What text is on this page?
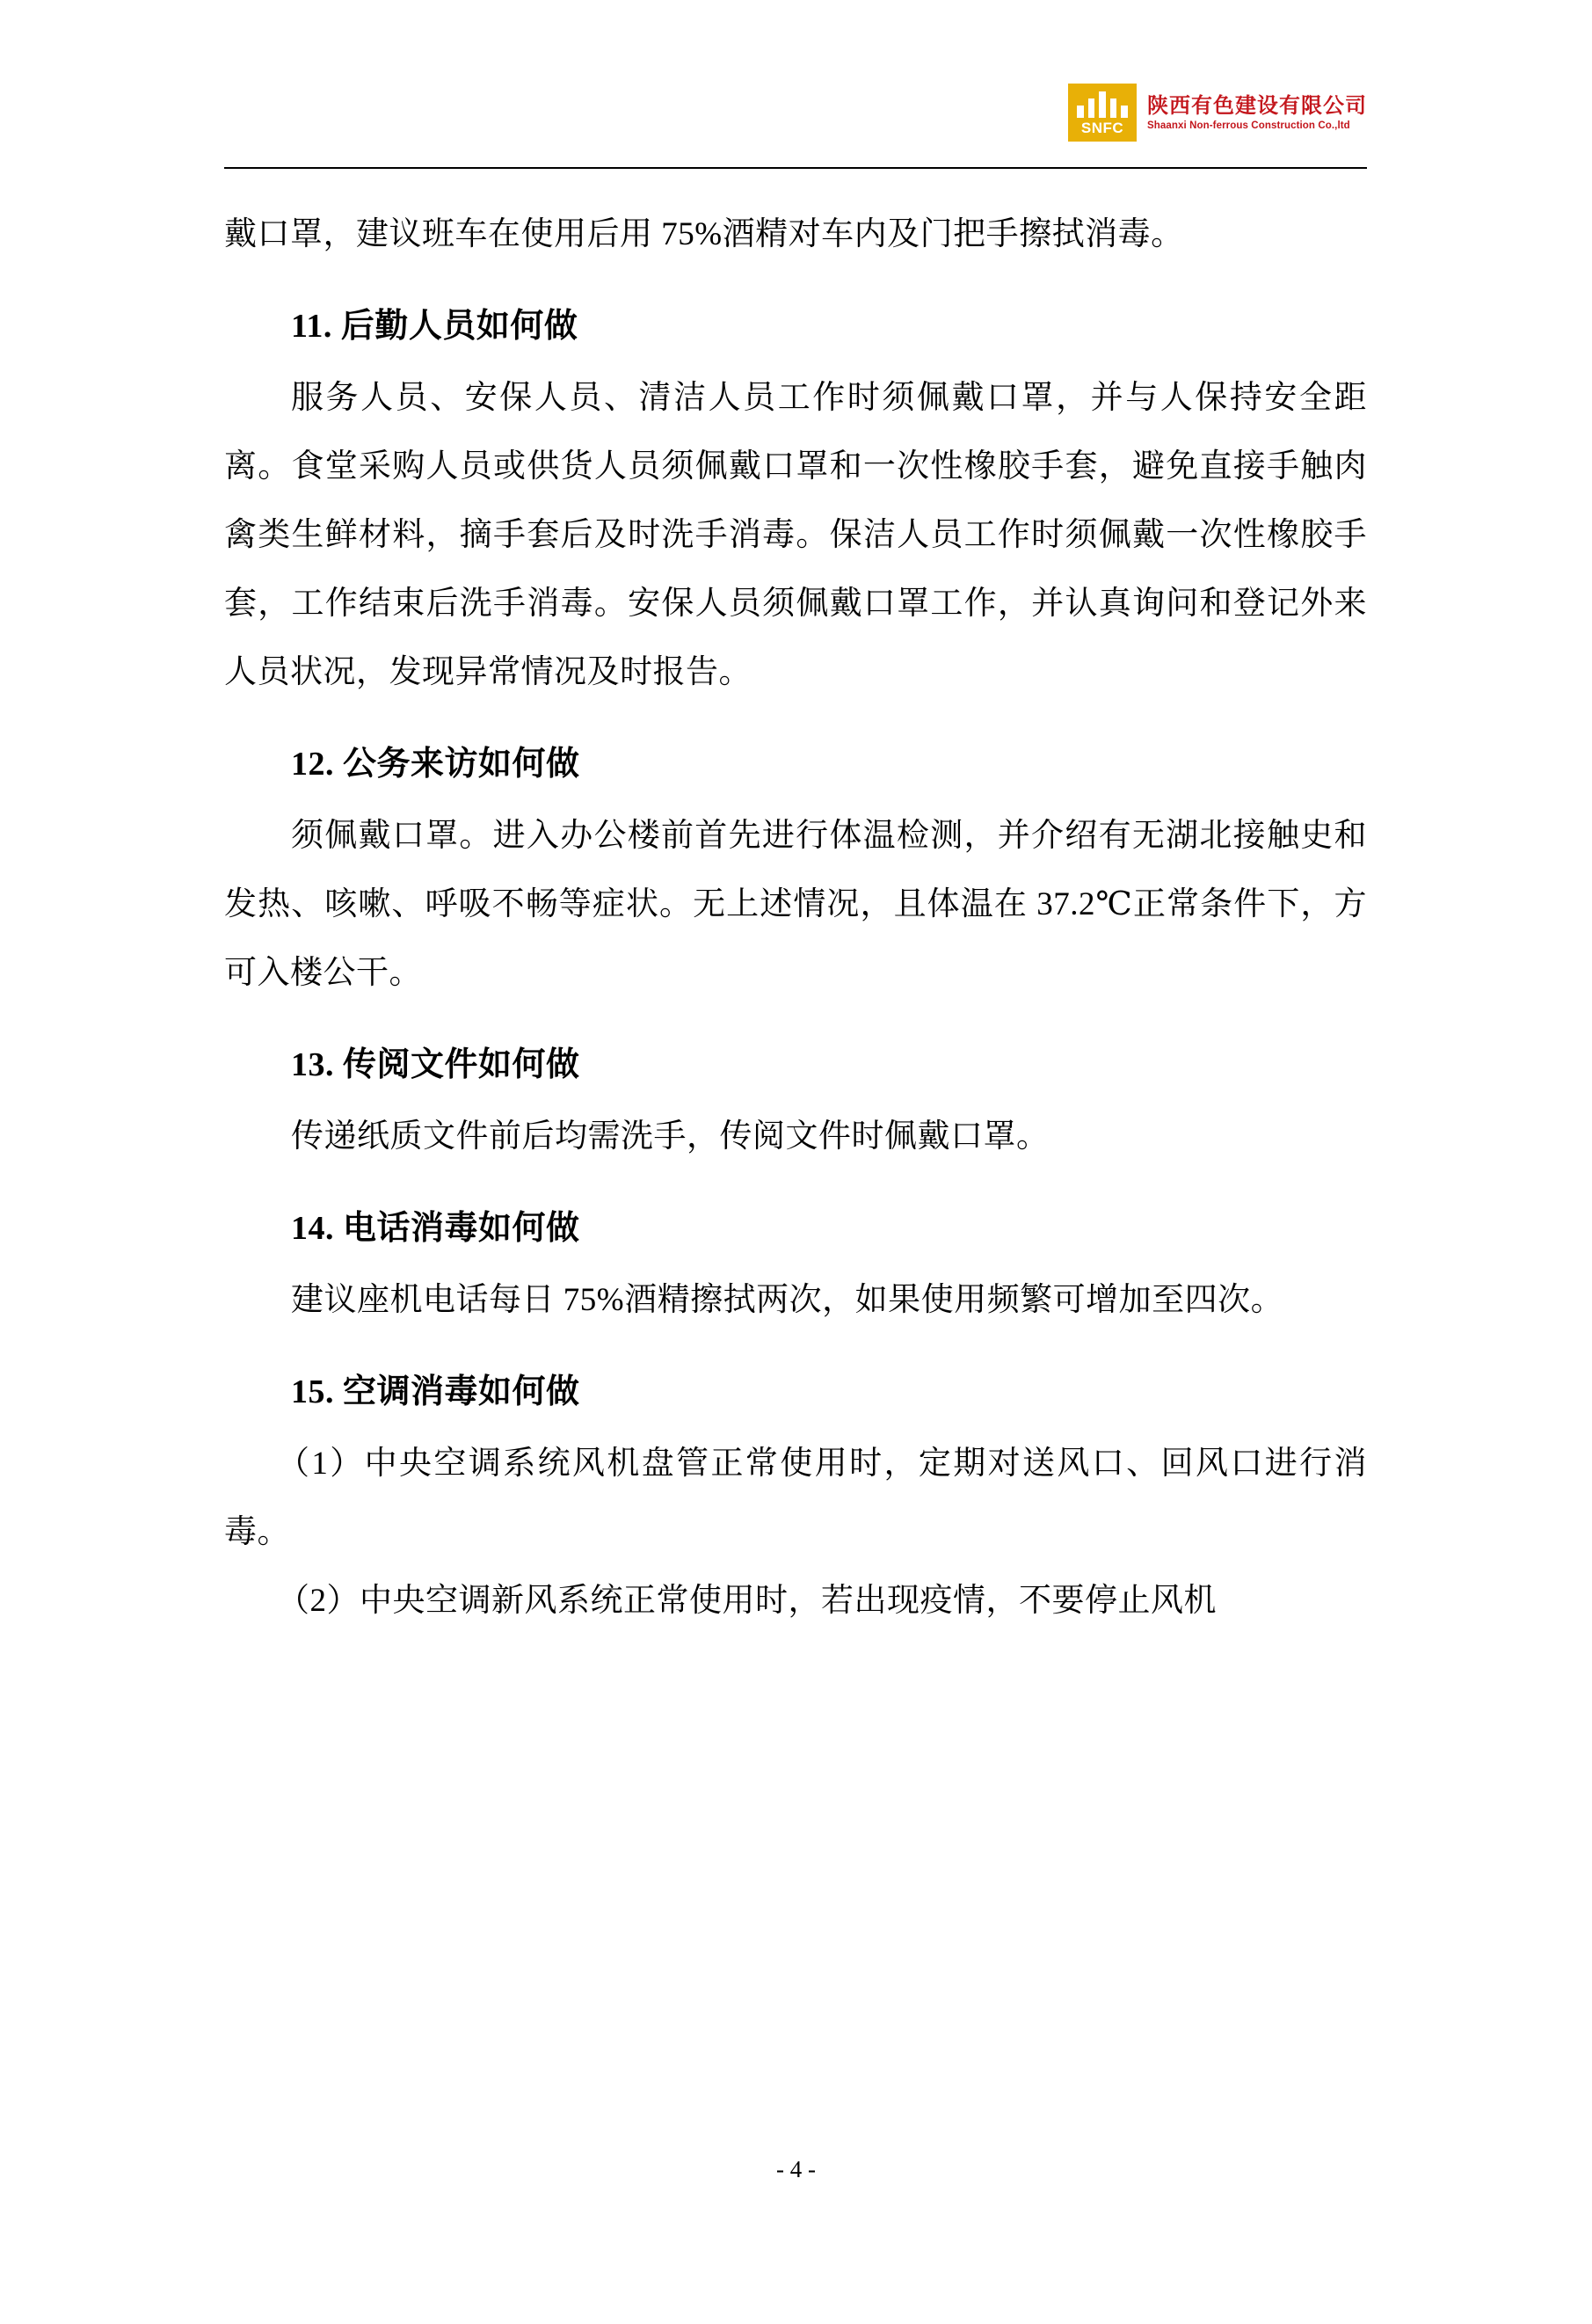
SNFC
陕西有色建设有限公司
Shaanxi Non-ferrous Construction Co.,ltd

戴口罩，建议班车在使用后用 75%酒精对车内及门把手擦拭消毒。

11. 后勤人员如何做

服务人员、安保人员、清洁人员工作时须佩戴口罩，并与人保持安全距离。食堂采购人员或供货人员须佩戴口罩和一次性橡胶手套，避免直接手触肉禽类生鲜材料，摘手套后及时洗手消毒。保洁人员工作时须佩戴一次性橡胶手套，工作结束后洗手消毒。安保人员须佩戴口罩工作，并认真询问和登记外来人员状况，发现异常情况及时报告。

12. 公务来访如何做

须佩戴口罩。进入办公楼前首先进行体温检测，并介绍有无湖北接触史和发热、咳嗽、呼吸不畅等症状。无上述情况，且体温在 37.2℃正常条件下，方可入楼公干。

13. 传阅文件如何做

传递纸质文件前后均需洗手，传阅文件时佩戴口罩。

14. 电话消毒如何做

建议座机电话每日 75%酒精擦拭两次，如果使用频繁可增加至四次。

15. 空调消毒如何做

（1）中央空调系统风机盘管正常使用时，定期对送风口、回风口进行消毒。

（2）中央空调新风系统正常使用时，若出现疫情，不要停止风机

- 4 -
